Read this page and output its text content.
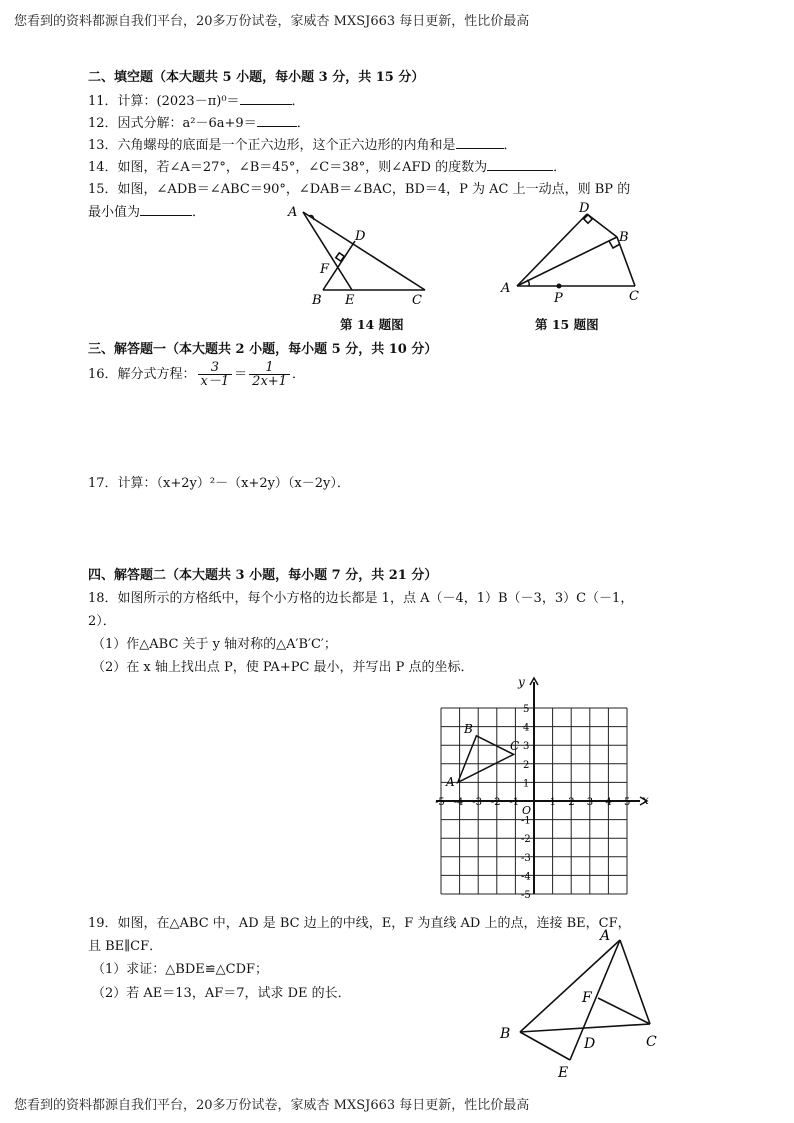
您看到的资料都源自我们平台，20多万份试卷，家威杏 MXSJ663 每日更新，性比价最高
二、填空题（本大题共 5 小题，每小题 3 分，共 15 分）
11．计算：(2023－π)⁰＝	．
12．因式分解：a²－6a+9＝	．
13．六角螺母的底面是一个正六边形，这个正六边形的内角和是	．
14．如图，若∠A＝27°，∠B＝45°，∠C＝38°，则∠AFD 的度数为	．
15．如图，∠ADB＝∠ABC＝90°，∠DAB＝∠BAC，BD＝4，P 为 AC 上一动点，则 BP 的
最小值为	．	A
D
F
B E	C
第 14 题图
D
B
A
P	C
第 15 题图
三、解答题一（本大题共 2 小题，每小题 5 分，共 10 分）
16．解分式方程： $\frac{3}{x-1} = \frac{1}{2x+1}$ ．
17．计算：（x+2y）²－（x+2y）（x－2y）．
四、解答题二（本大题共 3 小题，每小题 7 分，共 21 分）
18．如图所示的方格纸中，每个小方格的边长都是 1，点 A（－4，1）B（－3，3）C（－1，
2）．
（1）作△ABC 关于 y 轴对称的△A′B′C′；
（2）在 x 轴上找出点 P，使 PA+PC 最小，并写出 P 点的坐标．
x
y
O
-5 -4 -3 -2 -1	1 2 3 4 5
1
2
3
4
5
-1
-2
-3
-4
-5
A
B
C
19．如图，在△ABC 中，AD 是 BC 边上的中线，E，F 为直线 AD 上的点，连接 BE，CF，
且 BE∥CF．
（1）求证：△BDE≌△CDF；
（2）若 AE＝13，AF＝7，试求 DE 的长．
A
F
B
D	C
E
您看到的资料都源自我们平台，20多万份试卷，家威杏 MXSJ663 每日更新，性比价最高
